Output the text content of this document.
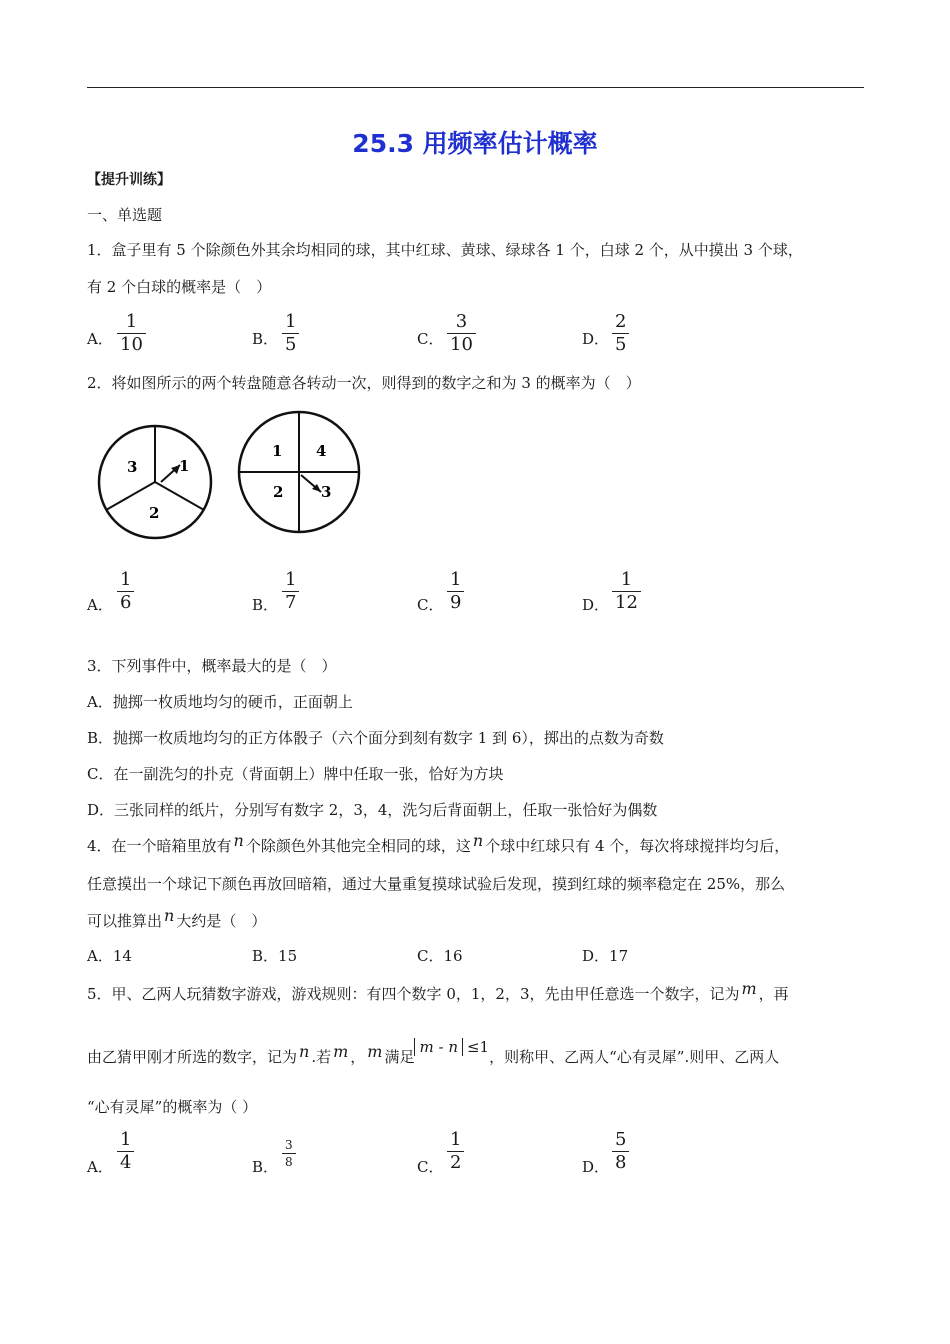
25.3 用频率估计概率
【提升训练】
一、单选题
1．盒子里有 5 个除颜色外其余均相同的球，其中红球、黄球、绿球各 1 个，白球 2 个，从中摸出 3 个球，
有 2 个白球的概率是（　）
A．
1
10	B．
1
5	C．
3
10	D．
2
5
2．将如图所示的两个转盘随意各转动一次，则得到的数字之和为 3 的概率为（　）
3	1
2
1 4
2	3
A．
1
6	B．
1
7	C．
1
9	D．
1
12
3．下列事件中，概率最大的是（　）
A．抛掷一枚质地均匀的硬币，正面朝上
B．抛掷一枚质地均匀的正方体骰子（六个面分到刻有数字 1 到 6），掷出的点数为奇数
C．在一副洗匀的扑克（背面朝上）牌中任取一张，恰好为方块
D．三张同样的纸片，分别写有数字 2，3，4，洗匀后背面朝上，任取一张恰好为偶数
4．在一个暗箱里放有 n 个除颜色外其他完全相同的球，这 n 个球中红球只有 4 个，每次将球搅拌均匀后，
任意摸出一个球记下颜色再放回暗箱，通过大量重复摸球试验后发现，摸到红球的频率稳定在 25%，那么
可以推算出 n 大约是（　）
A．14	B．15	C．16	D．17
5．甲、乙两人玩猜数字游戏，游戏规则：有四个数字 0，1，2，3，先由甲任意选一个数字，记为 m ，再
由乙猜甲刚才所选的数字，记为 n .若 m ， m 满足m - n ≤1，则称甲、乙两人“心有灵犀”.则甲、乙两人
“心有灵犀”的概率为（ ）
A．
1
4	B．
3
8	C．
1
2	D．
5
8
